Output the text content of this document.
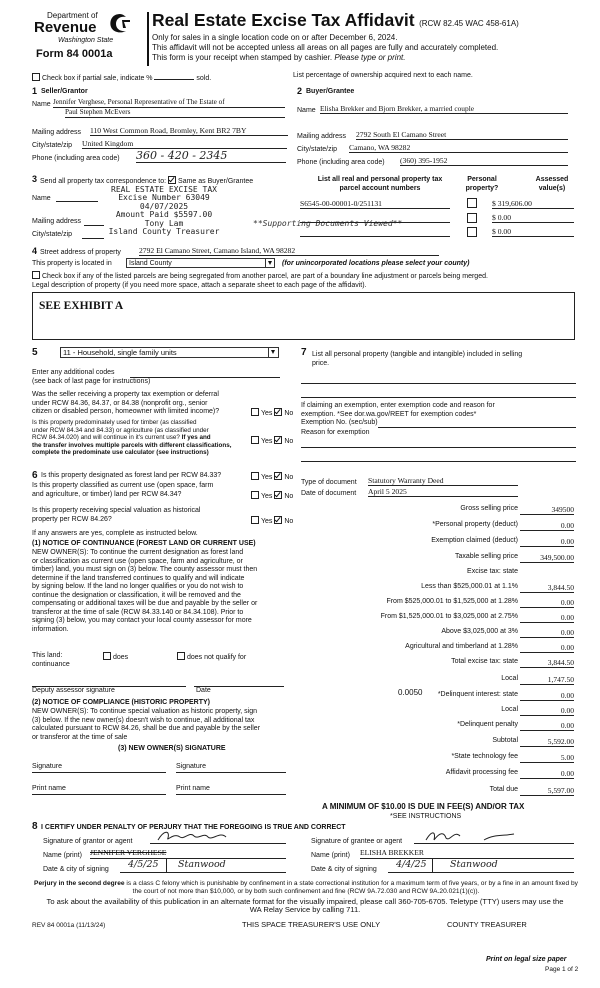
Department of
Revenue
Washington State
Form 84 0001a
Real Estate Excise Tax Affidavit (RCW 82.45 WAC 458-61A)
Only for sales in a single location code on or after December 6, 2024.
This affidavit will not be accepted unless all areas on all pages are fully and accurately completed.
This form is your receipt when stamped by cashier. Please type or print.
Check box if partial sale, indicate %	sold.	List percentage of ownership acquired next to each name.
1 Seller/Grantor
Name Jennifer Verghese, Personal Representative of The Estate of
Paul Stephen McEvers
Mailing address 110 West Common Road, Bromley, Kent BR2 7BY
City/state/zip United Kingdom
Phone (including area code) 360 - 420 - 2345
2 Buyer/Grantee
Name Elisha Brekker and Bjorn Brekker, a married couple
Mailing address 2792 South El Camano Street
City/state/zip Camano, WA 98282
Phone (including area code) (360) 395-1952
3 Send all property tax correspondence to: Same as Buyer/Grantee
Name
Mailing address
City/state/zip
REAL ESTATE EXCISE TAX
Excise Number 63049
04/07/2025
Amount Paid $5597.00
Tony Lam
Island County Treasurer
**Supporting Documents Viewed**
List all real and personal property tax
parcel account numbers
Personal
property?
Assessed
value(s)
S6545-00-00001-0/251131	$ 319,606.00
$ 0.00
$ 0.00
4 Street address of property 2792 El Camano Street, Camano Island, WA 98282
This property is located in	Island County	(for unincorporated locations please select your county)
Check box if any of the listed parcels are being segregated from another parcel, are part of a boundary line adjustment or parcels being merged.
Legal description of property (if you need more space, attach a separate sheet to each page of the affidavit).
SEE EXHIBIT A
5	11 - Household, single family units
Enter any additional codes
(see back of last page for instructions)
Was the seller receiving a property tax exemption or deferral
under RCW 84.36, 84.37, or 84.38 (nonprofit org., senior
citizen or disabled person, homeowner with limited income)?	Yes No
Is this property predominately used for timber (as classified
under RCW 84.34 and 84.33) or agriculture (as classified under
RCW 84.34.020) and will continue in it's current use? If yes and
the transfer involves multiple parcels with different classifications,
complete the predominate use calculator (see instructions)
Yes No
7 List all personal property (tangible and intangible) included in selling
price.
If claiming an exemption, enter exemption code and reason for
exemption. *See dor.wa.gov/REET for exemption codes*
Exemption No. (sec/sub)
Reason for exemption
6 Is this property designated as forest land per RCW 84.33?	Yes No
Is this property classified as current use (open space, farm
and agriculture, or timber) land per RCW 84.34?	Yes No
Is this property receiving special valuation as historical
property per RCW 84.26?	Yes No
If any answers are yes, complete as instructed below.
(1) NOTICE OF CONTINUANCE (FOREST LAND OR CURRENT USE)
NEW OWNER(S): To continue the current designation as forest land
or classification as current use (open space, farm and agriculture, or
timber) land, you must sign on (3) below. The county assessor must then
determine if the land transferred continues to qualify and will indicate
by signing below. If the land no longer qualifies or you do not wish to
continue the designation or classification, it will be removed and the
compensating or additional taxes will be due and payable by the seller or
transferor at the time of sale (RCW 84.33.140 or 84.34.108). Prior to
signing (3) below, you may contact your local county assessor for more
information.
This land:
continuance
does	does not qualify for
Deputy assessor signature	Date
(2) NOTICE OF COMPLIANCE (HISTORIC PROPERTY)
NEW OWNER(S): To continue special valuation as historic property, sign
(3) below. If the new owner(s) doesn't wish to continue, all additional tax
calculated pursuant to RCW 84.26, shall be due and payable by the seller
or transferor at the time of sale
(3) NEW OWNER(S) SIGNATURE
Signature	Signature
Print name	Print name
Type of document Statutory Warranty Deed
Date of document April 5 2025
Gross selling price	349500
*Personal property (deduct)	0.00
Exemption claimed (deduct)	0.00
Taxable selling price	349,500.00
Excise tax: state
Less than $525,000.01 at 1.1%	3,844.50
From $525,000.01 to $1,525,000 at 1.28%	0.00
From $1,525,000.01 to $3,025,000 at 2.75%	0.00
Above $3,025,000 at 3%	0.00
Agricultural and timberland at 1.28%	0.00
Total excise tax: state	3,844.50
Local	1,747.50
*Delinquent interest: state	0.00
Local	0.00
*Delinquent penalty	0.00
Subtotal	5,592.00
*State technology fee	5.00
Affidavit processing fee	0.00
Total due	5,597.00
0.0050
A MINIMUM OF $10.00 IS DUE IN FEE(S) AND/OR TAX
*SEE INSTRUCTIONS
8 I CERTIFY UNDER PENALTY OF PERJURY THAT THE FOREGOING IS TRUE AND CORRECT
Signature of grantor or agent
Name (print) JENNIFER VERGHESE
Date & city of signing 4/5/25 Stanwood
Signature of grantee or agent
Name (print) ELISHA BREKKER
Date & city of signing 4/4/25 Stanwood
Perjury in the second degree is a class C felony which is punishable by confinement in a state correctional institution for a maximum term of five years, or by a fine in an amount fixed by the court of not more than $10,000, or by both such confinement and fine (RCW 9A.72.030 and RCW 9A.20.021(1)(c)).
To ask about the availability of this publication in an alternate format for the visually impaired, please call 360-705-6705. Teletype (TTY) users may use the WA Relay Service by calling 711.
REV 84 0001a (11/13/24)	THIS SPACE TREASURER'S USE ONLY	COUNTY TREASURER
Print on legal size paper
Page 1 of 2
